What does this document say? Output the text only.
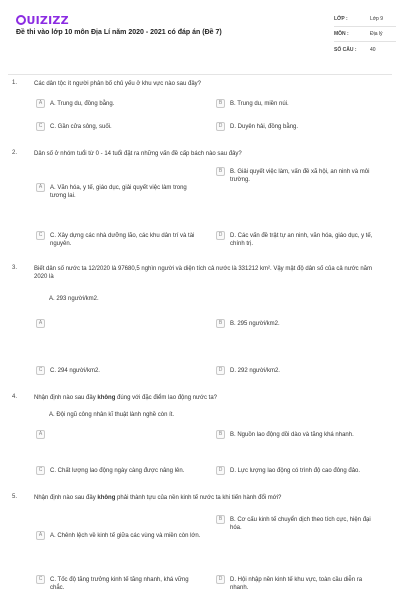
UIZIZZ
Đề thi vào lớp 10 môn Địa Lí năm 2020 - 2021 có đáp án (Đề 7)
LỚP :	Lớp 9
MÔN :	Địa lý
SỐ CÂU :	40
1.	Các dân tộc ít người phân bố chủ yếu ở khu vực nào sau đây?
A	A. Trung du, đồng bằng.	B	B. Trung du, miền núi.
C	C. Gần cửa sông, suối.	D	D. Duyên hải, đồng bằng.
2.	Dân số ở nhóm tuổi từ 0 - 14 tuổi đặt ra những vấn đề cấp bách nào sau đây?
A	A. Văn hóa, y tế, giáo dục, giải quyết việc làm trong tương lai.
B	B. Giải quyết việc làm, vấn đề xã hội, an ninh và môi trường.
C	C. Xây dựng các nhà dưỡng lão, các khu dân trí và tài nguyên.
D	D. Các vấn đề trật tự an ninh, văn hóa, giáo dục, y tế, chính trị.
3.	Biết dân số nước ta 12/2020 là 97680,5 nghìn người và diện tích cả nước là 331212 km². Vậy mật độ dân số của cả nước năm 2020 là
A. 293 người/km2.
A	B	B. 295 người/km2.
C	C. 294 người/km2.	D	D. 292 người/km2.
4.	Nhận định nào sau đây không đúng với đặc điểm lao động nước ta?
A. Đội ngũ công nhân kĩ thuật lành nghề còn ít.
A	B	B. Nguồn lao động dồi dào và tăng khá nhanh.
C	C. Chất lượng lao động ngày càng được nâng lên.	D	D. Lực lượng lao động có trình độ cao đông đảo.
5.	Nhận định nào sau đây không phải thành tựu của nền kinh tế nước ta khi tiến hành đổi mới?
A	A. Chênh lệch về kinh tế giữa các vùng và miền còn lớn.
B	B. Cơ cấu kinh tế chuyển dịch theo tích cực, hiện đại hóa.
C	C. Tốc độ tăng trưởng kinh tế tăng nhanh, khá vững chắc.
D	D. Hội nhập nền kinh tế khu vực, toàn cầu diễn ra nhanh.
